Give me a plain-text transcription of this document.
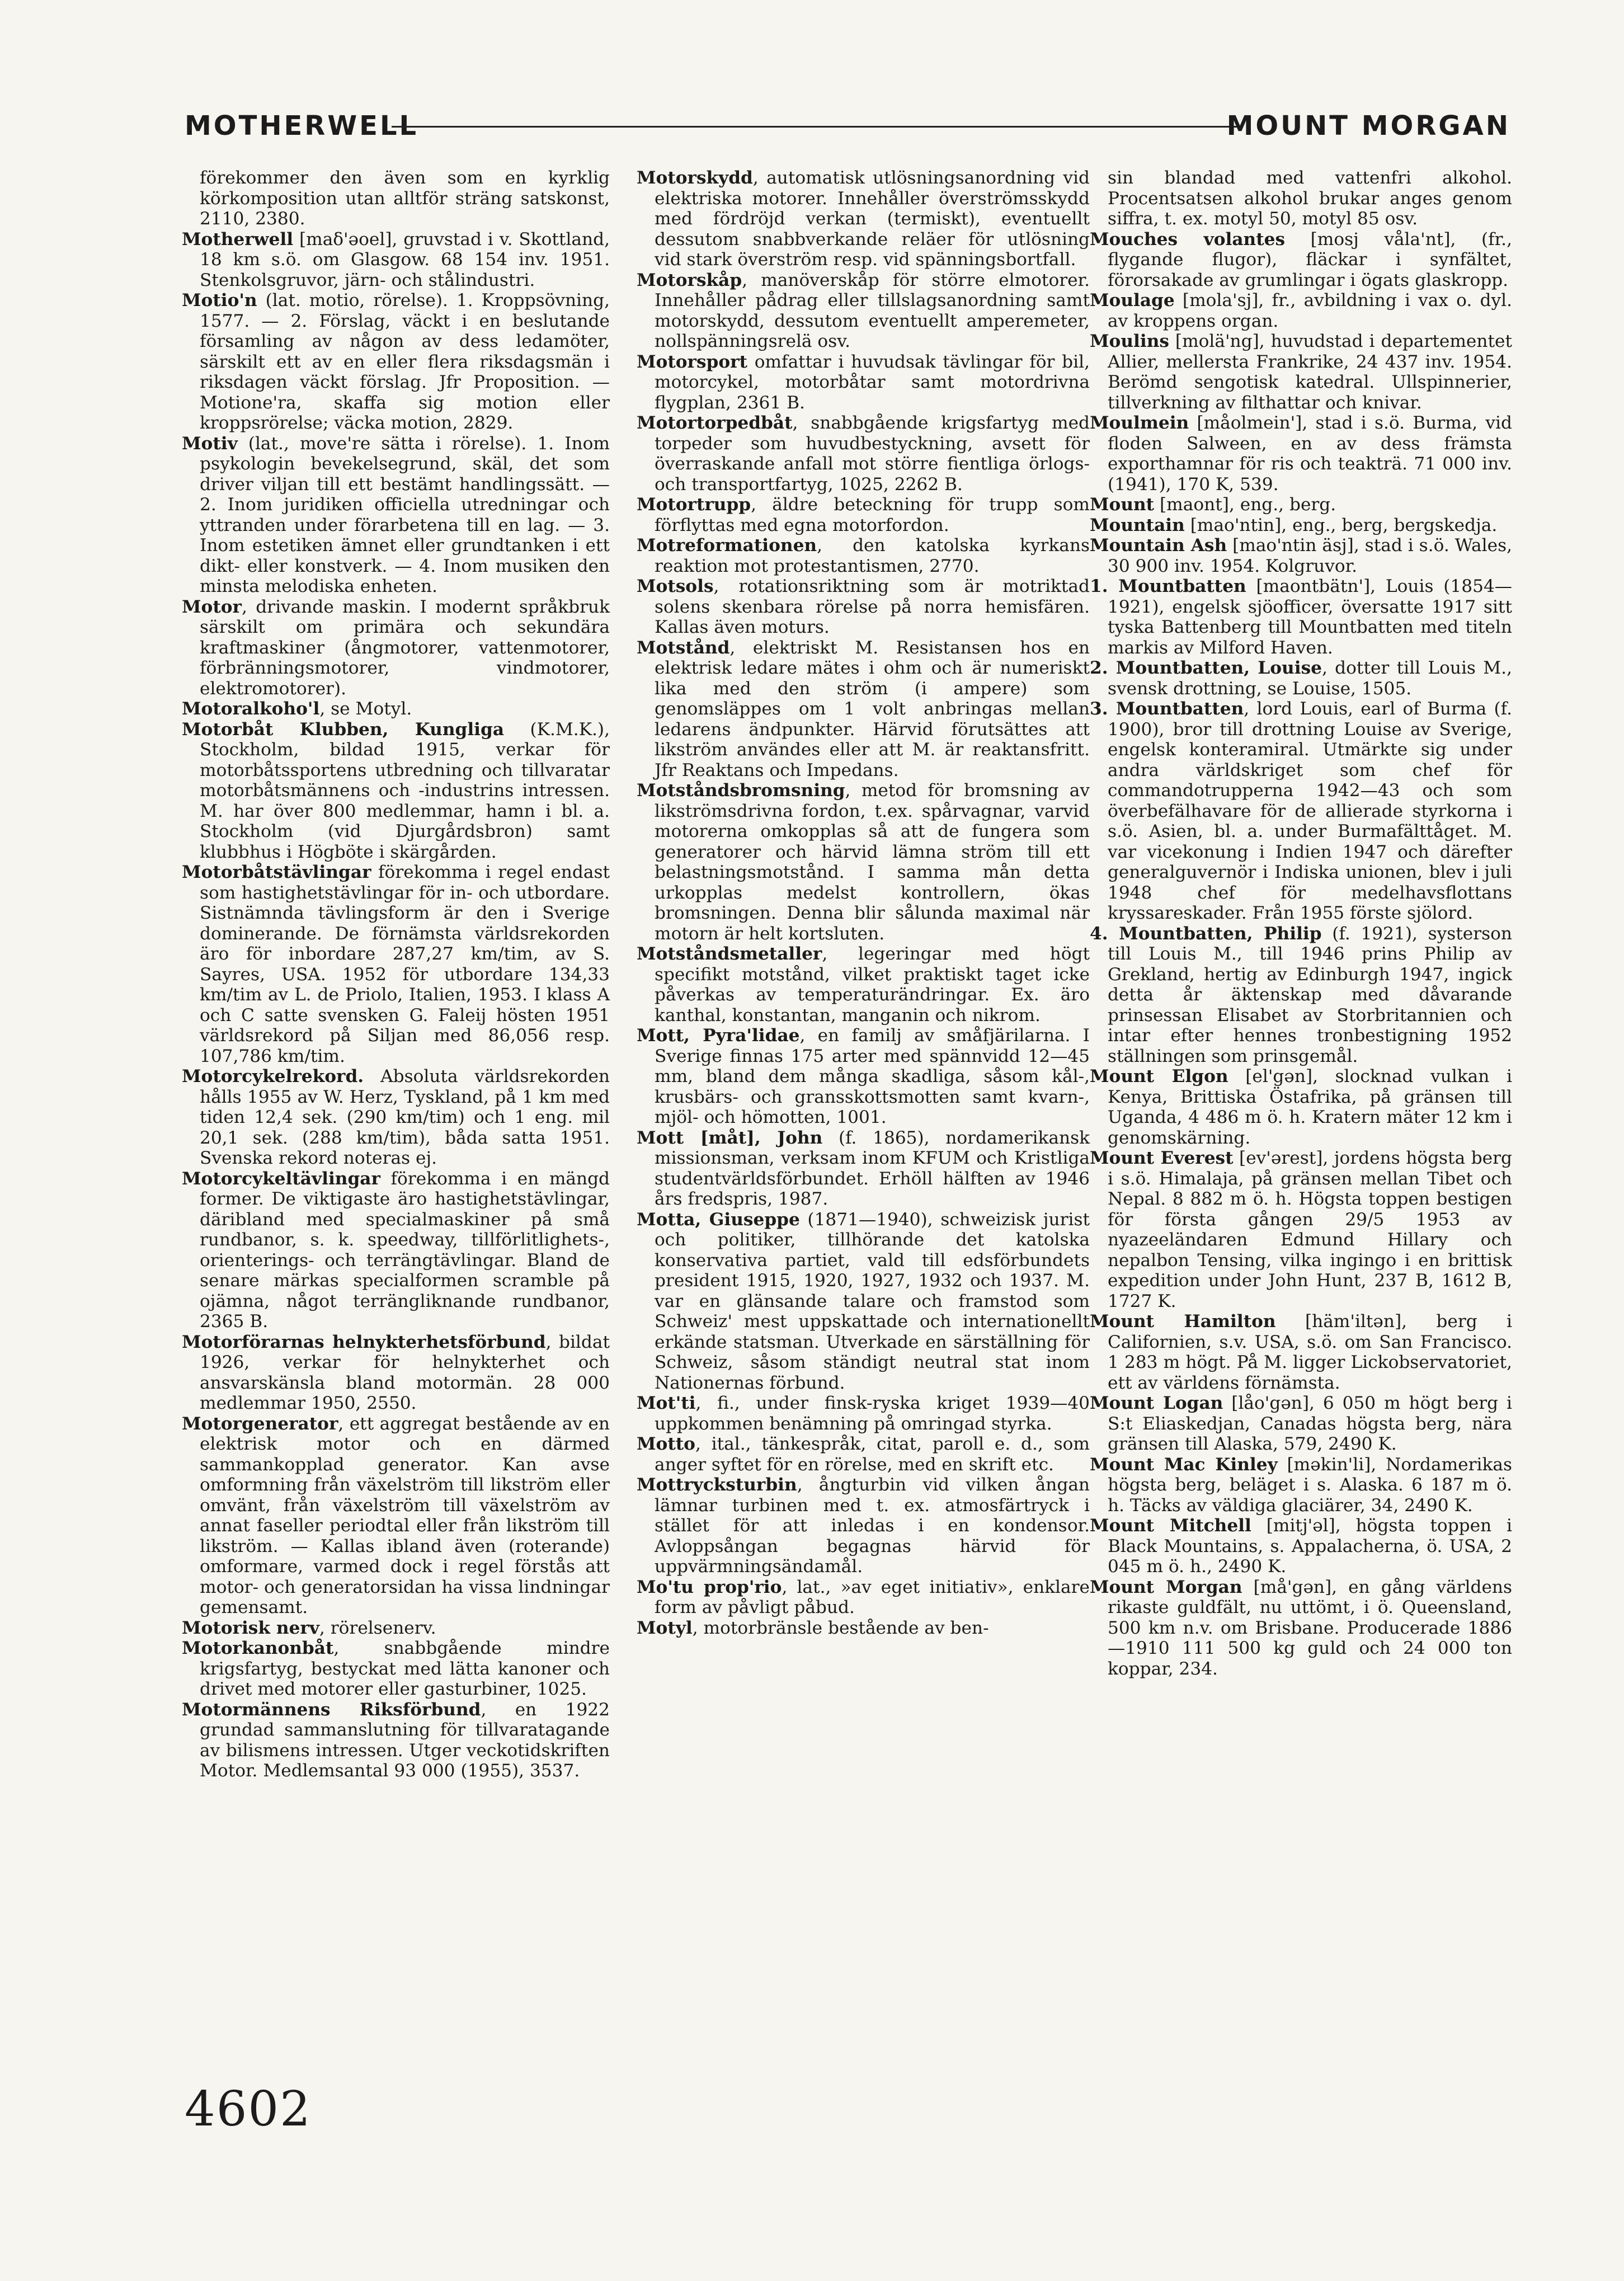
MOTHERWELL	MOUNT MORGAN

förekommer den även som en kyrklig körkomposition utan alltför sträng satskonst, 2110, 2380.

Motherwell [maδ'əoel], gruvstad i v. Skottland, 18 km s.ö. om Glasgow. 68 154 inv. 1951. Stenkolsgruvor, järn- och stålindustri.

Motio'n (lat. motio, rörelse). 1. Kroppsövning, 1577. — 2. Förslag, väckt i en beslutande församling av någon av dess ledamöter, särskilt ett av en eller flera riksdagsmän i riksdagen väckt förslag. Jfr Proposition. — Motione'ra, skaffa sig motion eller kroppsrörelse; väcka motion, 2829.

Motiv (lat., move're sätta i rörelse). 1. Inom psykologin bevekelsegrund, skäl, det som driver viljan till ett bestämt handlingssätt. — 2. Inom juridiken officiella utredningar och yttranden under förarbetena till en lag. — 3. Inom estetiken ämnet eller grundtanken i ett dikt- eller konstverk. — 4. Inom musiken den minsta melodiska enheten.

Motor, drivande maskin. I modernt språkbruk särskilt om primära och sekundära kraftmaskiner (ångmotorer, vattenmotorer, förbränningsmotorer, vindmotorer, elektromotorer).

Motoralkoho'l, se Motyl.

Motorbåt Klubben, Kungliga (K.M.K.), Stockholm, bildad 1915, verkar för motorbåtssportens utbredning och tillvaratar motorbåtsmännens och -industrins intressen. M. har över 800 medlemmar, hamn i bl. a. Stockholm (vid Djurgårdsbron) samt klubbhus i Högböte i skärgården.

Motorbåtstävlingar förekomma i regel endast som hastighetstävlingar för in- och utbordare. Sistnämnda tävlingsform är den i Sverige dominerande. De förnämsta världsrekorden äro för inbordare 287,27 km/tim, av S. Sayres, USA. 1952 för utbordare 134,33 km/tim av L. de Priolo, Italien, 1953. I klass A och C satte svensken G. Faleij hösten 1951 världsrekord på Siljan med 86,056 resp. 107,786 km/tim.

Motorcykelrekord. Absoluta världsrekorden hålls 1955 av W. Herz, Tyskland, på 1 km med tiden 12,4 sek. (290 km/tim) och 1 eng. mil 20,1 sek. (288 km/tim), båda satta 1951. Svenska rekord noteras ej.

Motorcykeltävlingar förekomma i en mängd former. De viktigaste äro hastighetstävlingar, däribland med specialmaskiner på små rundbanor, s. k. speedway, tillförlitlighets-, orienterings- och terrängtävlingar. Bland de senare märkas specialformen scramble på ojämna, något terrängliknande rundbanor, 2365 B.

Motorförarnas helnykterhetsförbund, bildat 1926, verkar för helnykterhet och ansvarskänsla bland motormän. 28 000 medlemmar 1950, 2550.

Motorgenerator, ett aggregat bestående av en elektrisk motor och en därmed sammankopplad generator. Kan avse omformning från växelström till likström eller omvänt, från växelström till växelström av annat faseller periodtal eller från likström till likström. — Kallas ibland även (roterande) omformare, varmed dock i regel förstås att motor- och generatorsidan ha vissa lindningar gemensamt.

Motorisk nerv, rörelsenerv.

Motorkanonbåt, snabbgående mindre krigsfartyg, bestyckat med lätta kanoner och drivet med motorer eller gasturbiner, 1025.

Motormännens Riksförbund, en 1922 grundad sammanslutning för tillvaratagande av bilismens intressen. Utger veckotidskriften Motor. Medlemsantal 93 000 (1955), 3537.

Motorskydd, automatisk utlösningsanordning vid elektriska motorer. Innehåller överströmsskydd med fördröjd verkan (termiskt), eventuellt dessutom snabbverkande reläer för utlösning vid stark överström resp. vid spänningsbortfall.

Motorskåp, manöverskåp för större elmotorer. Innehåller pådrag eller tillslagsanordning samt motorskydd, dessutom eventuellt amperemeter, nollspänningsrelä osv.

Motorsport omfattar i huvudsak tävlingar för bil, motorcykel, motorbåtar samt motordrivna flygplan, 2361 B.

Motortorpedbåt, snabbgående krigsfartyg med torpeder som huvudbestyckning, avsett för överraskande anfall mot större fientliga örlogs- och transportfartyg, 1025, 2262 B.

Motortrupp, äldre beteckning för trupp som förflyttas med egna motorfordon.

Motreformationen, den katolska kyrkans reaktion mot protestantismen, 2770.

Motsols, rotationsriktning som är motriktad solens skenbara rörelse på norra hemisfären. Kallas även moturs.

Motstånd, elektriskt M. Resistansen hos en elektrisk ledare mätes i ohm och är numeriskt lika med den ström (i ampere) som genomsläppes om 1 volt anbringas mellan ledarens ändpunkter. Härvid förutsättes att likström användes eller att M. är reaktansfritt. Jfr Reaktans och Impedans.

Motståndsbromsning, metod för bromsning av likströmsdrivna fordon, t.ex. spårvagnar, varvid motorerna omkopplas så att de fungera som generatorer och härvid lämna ström till ett belastningsmotstånd. I samma mån detta urkopplas medelst kontrollern, ökas bromsningen. Denna blir sålunda maximal när motorn är helt kortsluten.

Motståndsmetaller, legeringar med högt specifikt motstånd, vilket praktiskt taget icke påverkas av temperaturändringar. Ex. äro kanthal, konstantan, manganin och nikrom.

Mott, Pyra'lidae, en familj av småfjärilarna. I Sverige finnas 175 arter med spännvidd 12—45 mm, bland dem många skadliga, såsom kål-, krusbärs- och gransskottsmotten samt kvarn-, mjöl- och hömotten, 1001.

Mott [måt], John (f. 1865), nordamerikansk missionsman, verksam inom KFUM och Kristliga studentvärldsförbundet. Erhöll hälften av 1946 års fredspris, 1987.

Motta, Giuseppe (1871—1940), schweizisk jurist och politiker, tillhörande det katolska konservativa partiet, vald till edsförbundets president 1915, 1920, 1927, 1932 och 1937. M. var en glänsande talare och framstod som Schweiz' mest uppskattade och internationellt erkände statsman. Utverkade en särställning för Schweiz, såsom ständigt neutral stat inom Nationernas förbund.

Mot'ti, fi., under finsk-ryska kriget 1939—40 uppkommen benämning på omringad styrka.

Motto, ital., tänkespråk, citat, paroll e. d., som anger syftet för en rörelse, med en skrift etc.

Mottrycksturbin, ångturbin vid vilken ångan lämnar turbinen med t. ex. atmosfärtryck i stället för att inledas i en kondensor. Avloppsångan begagnas härvid för uppvärmningsändamål.

Mo'tu prop'rio, lat., »av eget initiativ», enklare form av påvligt påbud.

Motyl, motorbränsle bestående av ben-

sin blandad med vattenfri alkohol. Procentsatsen alkohol brukar anges genom siffra, t. ex. motyl 50, motyl 85 osv.

Mouches volantes [mosj våla'nt], (fr., flygande flugor), fläckar i synfältet, förorsakade av grumlingar i ögats glaskropp.

Moulage [mola'sj], fr., avbildning i vax o. dyl. av kroppens organ.

Moulins [molä'ng], huvudstad i departementet Allier, mellersta Frankrike, 24 437 inv. 1954. Berömd sengotisk katedral. Ullspinnerier, tillverkning av filthattar och knivar.

Moulmein [måolmein'], stad i s.ö. Burma, vid floden Salween, en av dess främsta exporthamnar för ris och teakträ. 71 000 inv. (1941), 170 K, 539.

Mount [maont], eng., berg.

Mountain [mao'ntin], eng., berg, bergskedja.

Mountain Ash [mao'ntin äsj], stad i s.ö. Wales, 30 900 inv. 1954. Kolgruvor.

1. Mountbatten [maontbätn'], Louis (1854—1921), engelsk sjöofficer, översatte 1917 sitt tyska Battenberg till Mountbatten med titeln markis av Milford Haven.

2. Mountbatten, Louise, dotter till Louis M., svensk drottning, se Louise, 1505.

3. Mountbatten, lord Louis, earl of Burma (f. 1900), bror till drottning Louise av Sverige, engelsk konteramiral. Utmärkte sig under andra världskriget som chef för commandotrupperna 1942—43 och som överbefälhavare för de allierade styrkorna i s.ö. Asien, bl. a. under Burmafälttåget. M. var vicekonung i Indien 1947 och därefter generalguvernör i Indiska unionen, blev i juli 1948 chef för medelhavsflottans kryssareskader. Från 1955 förste sjölord.

4. Mountbatten, Philip (f. 1921), systerson till Louis M., till 1946 prins Philip av Grekland, hertig av Edinburgh 1947, ingick detta år äktenskap med dåvarande prinsessan Elisabet av Storbritannien och intar efter hennes tronbestigning 1952 ställningen som prinsgemål.

Mount Elgon [el'gən], slocknad vulkan i Kenya, Brittiska Östafrika, på gränsen till Uganda, 4 486 m ö. h. Kratern mäter 12 km i genomskärning.

Mount Everest [ev'ərest], jordens högsta berg i s.ö. Himalaja, på gränsen mellan Tibet och Nepal. 8 882 m ö. h. Högsta toppen bestigen för första gången 29/5 1953 av nyazeeländaren Edmund Hillary och nepalbon Tensing, vilka ingingo i en brittisk expedition under John Hunt, 237 B, 1612 B, 1727 K.

Mount Hamilton [häm'iltən], berg i Californien, s.v. USA, s.ö. om San Francisco. 1 283 m högt. På M. ligger Lickobservatoriet, ett av världens förnämsta.

Mount Logan [låo'gən], 6 050 m högt berg i S:t Eliaskedjan, Canadas högsta berg, nära gränsen till Alaska, 579, 2490 K.

Mount Mac Kinley [məkin'li], Nordamerikas högsta berg, beläget i s. Alaska. 6 187 m ö. h. Täcks av väldiga glaciärer, 34, 2490 K.

Mount Mitchell [mitj'əl], högsta toppen i Black Mountains, s. Appalacherna, ö. USA, 2 045 m ö. h., 2490 K.

Mount Morgan [må'gən], en gång världens rikaste guldfält, nu uttömt, i ö. Queensland, 500 km n.v. om Brisbane. Producerade 1886—1910 111 500 kg guld och 24 000 ton koppar, 234.

4602
